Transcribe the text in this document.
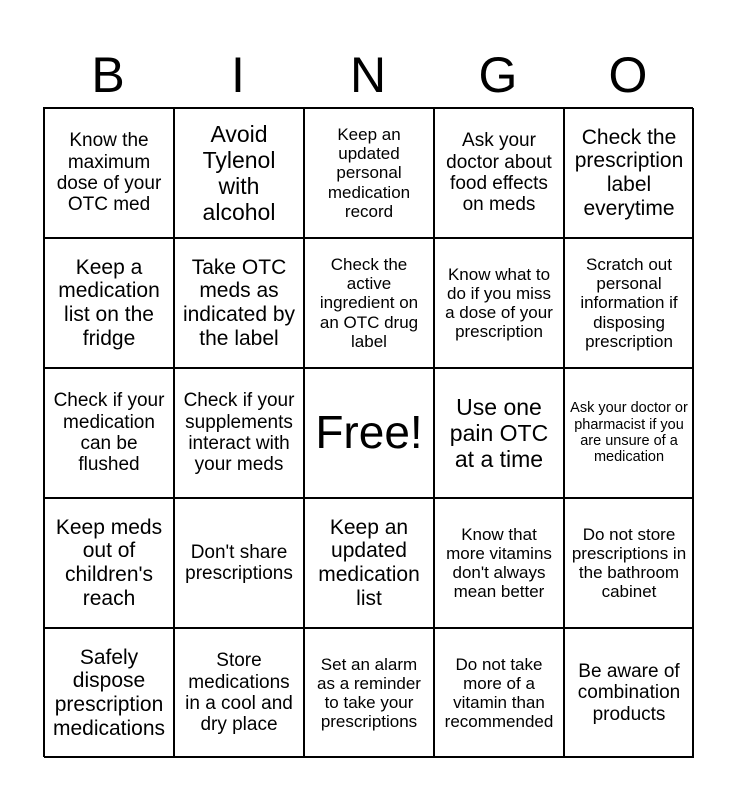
B	I	N	G	O
Know the maximum dose of your OTC med
Avoid Tylenol with alcohol
Keep an updated personal medication record
Ask your doctor about food effects on meds
Check the prescription label everytime
Keep a medication list on the fridge
Take OTC meds as indicated by the label
Check the active ingredient on an OTC drug label
Know what to do if you miss a dose of your prescription
Scratch out personal information if disposing prescription
Check if your medication can be flushed
Check if your supplements interact with your meds
Free!	Use one pain OTC at a time
Ask your doctor or pharmacist if you are unsure of a medication
Keep meds out of children's reach
Don't share prescriptions
Keep an updated medication list
Know that more vitamins don't always mean better
Do not store prescriptions in the bathroom cabinet
Safely dispose prescription medications
Store medications in a cool and dry place
Set an alarm as a reminder to take your prescriptions
Do not take more of a vitamin than recommended
Be aware of combination products
